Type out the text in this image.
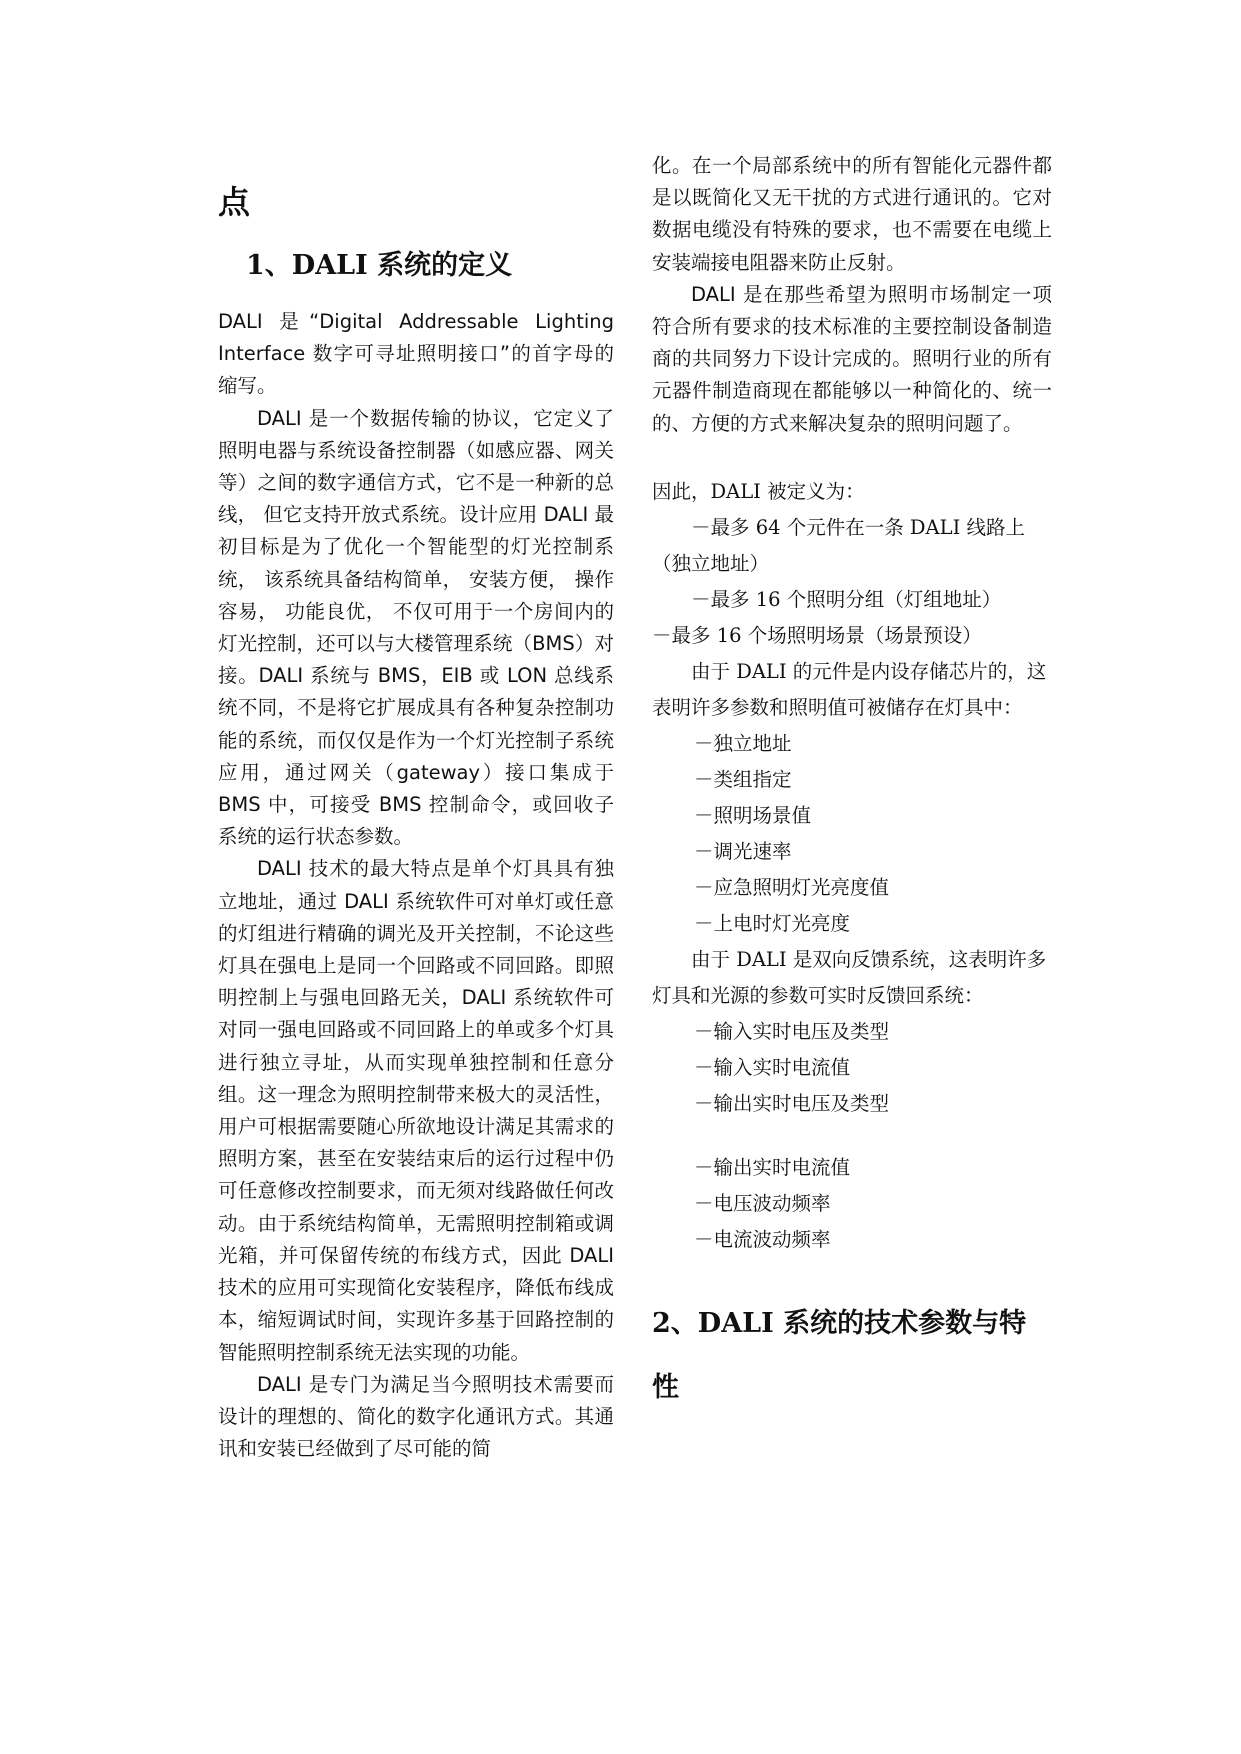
点
1、DALI 系统的定义

DALI 是“Digital Addressable Lighting Interface 数字可寻址照明接口”的首字母的缩写。

DALI 是一个数据传输的协议，它定义了照明电器与系统设备控制器（如感应器、网关等）之间的数字通信方式，它不是一种新的总线， 但它支持开放式系统。设计应用 DALI 最初目标是为了优化一个智能型的灯光控制系统， 该系统具备结构简单， 安装方便， 操作容易， 功能良优， 不仅可用于一个房间内的灯光控制，还可以与大楼管理系统（BMS）对接。DALI 系统与 BMS，EIB 或 LON 总线系统不同，不是将它扩展成具有各种复杂控制功能的系统，而仅仅是作为一个灯光控制子系统应用，通过网关（gateway）接口集成于 BMS 中，可接受 BMS 控制命令，或回收子系统的运行状态参数。

DALI 技术的最大特点是单个灯具具有独立地址，通过 DALI 系统软件可对单灯或任意的灯组进行精确的调光及开关控制，不论这些灯具在强电上是同一个回路或不同回路。即照明控制上与强电回路无关，DALI 系统软件可对同一强电回路或不同回路上的单或多个灯具进行独立寻址，从而实现单独控制和任意分组。这一理念为照明控制带来极大的灵活性，用户可根据需要随心所欲地设计满足其需求的照明方案，甚至在安装结束后的运行过程中仍可任意修改控制要求，而无须对线路做任何改动。由于系统结构简单，无需照明控制箱或调光箱，并可保留传统的布线方式，因此 DALI 技术的应用可实现简化安装程序，降低布线成本，缩短调试时间，实现许多基于回路控制的智能照明控制系统无法实现的功能。

DALI 是专门为满足当今照明技术需要而设计的理想的、简化的数字化通讯方式。其通讯和安装已经做到了尽可能的简

化。在一个局部系统中的所有智能化元器件都是以既简化又无干扰的方式进行通讯的。它对数据电缆没有特殊的要求，也不需要在电缆上安装端接电阻器来防止反射。

DALI 是在那些希望为照明市场制定一项符合所有要求的技术标准的主要控制设备制造商的共同努力下设计完成的。照明行业的所有元器件制造商现在都能够以一种简化的、统一的、方便的方式来解决复杂的照明问题了。

因此，DALI 被定义为：

－最多 64 个元件在一条 DALI 线路上（独立地址）

－最多 16 个照明分组（灯组地址）

－最多 16 个场照明场景（场景预设）

由于 DALI 的元件是内设存储芯片的，这表明许多参数和照明值可被储存在灯具中：

－独立地址

－类组指定

－照明场景值

－调光速率

－应急照明灯光亮度值

－上电时灯光亮度

由于 DALI 是双向反馈系统，这表明许多灯具和光源的参数可实时反馈回系统：

－输入实时电压及类型

－输入实时电流值

－输出实时电压及类型

－输出实时电流值

－电压波动频率

－电流波动频率

2、DALI 系统的技术参数与特性
